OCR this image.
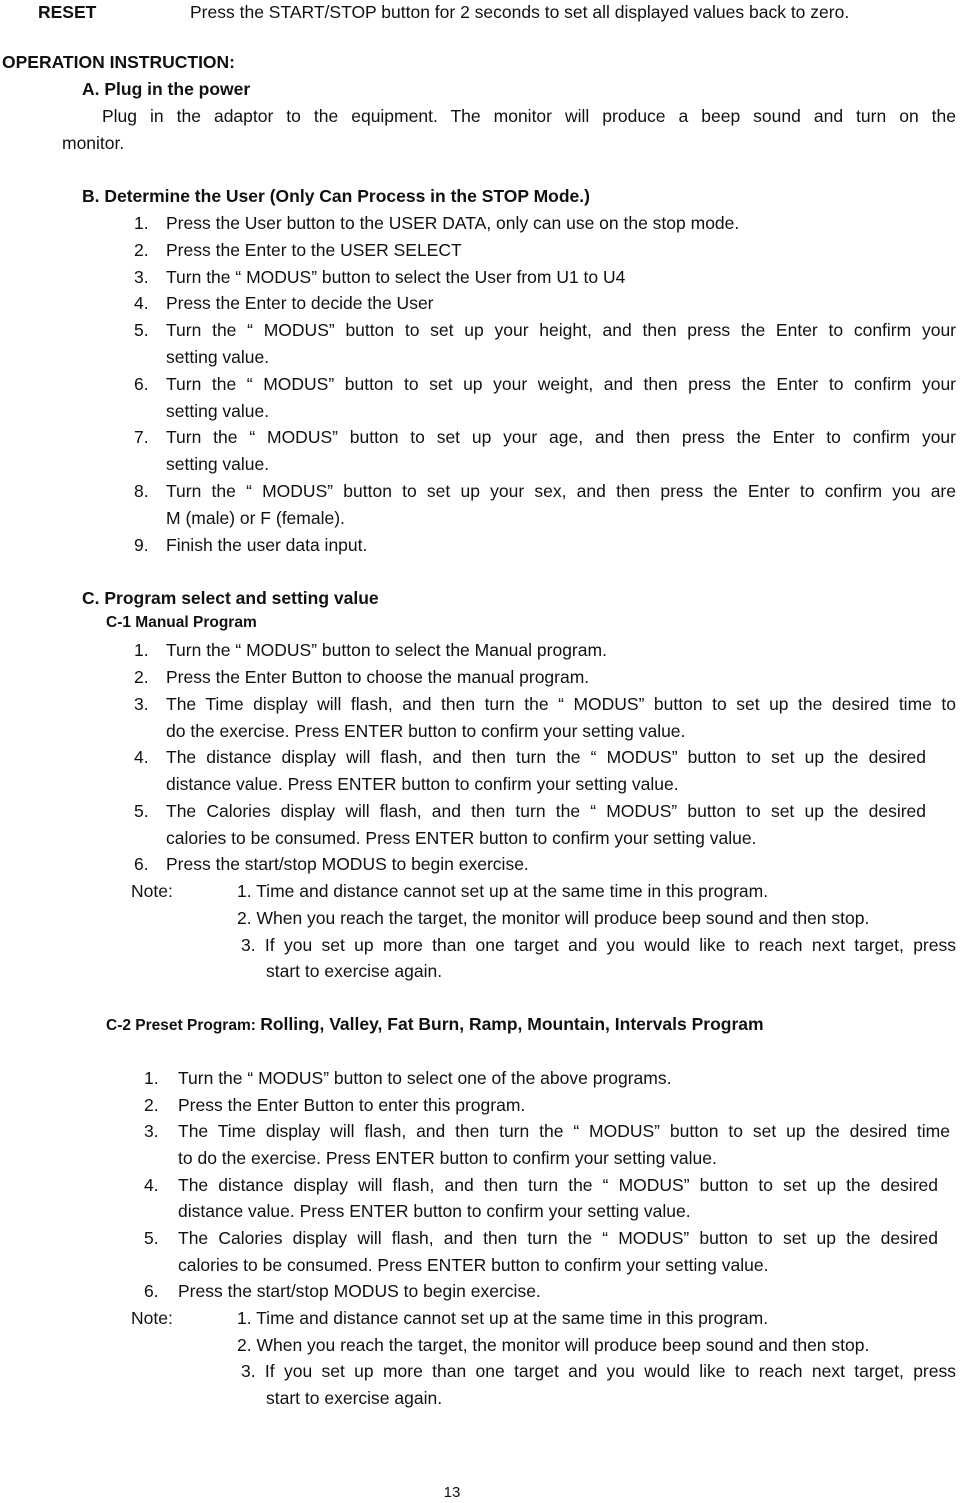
RESET	Press the START/STOP button for 2 seconds to set all displayed values back to zero.
OPERATION INSTRUCTION:
A. Plug in the power
Plug in the adaptor to the equipment. The monitor will produce a beep sound and turn on the
monitor.
B. Determine the User (Only Can Process in the STOP Mode.)
1. Press the User button to the USER DATA, only can use on the stop mode.
2. Press the Enter to the USER SELECT
3. Turn the “ MODUS” button to select the User from U1 to U4
4. Press the Enter to decide the User
5. Turn the “ MODUS” button to set up your height, and then press the Enter to confirm your
setting value.
6. Turn the “ MODUS” button to set up your weight, and then press the Enter to confirm your
setting value.
7. Turn the “ MODUS” button to set up your age, and then press the Enter to confirm your
setting value.
8. Turn the “ MODUS” button to set up your sex, and then press the Enter to confirm you are
M (male) or F (female).
9. Finish the user data input.
C. Program select and setting value
C-1 Manual Program
1. Turn the “ MODUS” button to select the Manual program.
2. Press the Enter Button to choose the manual program.
3. The Time display will flash, and then turn the “ MODUS” button to set up the desired time to
do the exercise. Press ENTER button to confirm your setting value.
4. The distance display will flash, and then turn the “ MODUS” button to set up the desired
distance value. Press ENTER button to confirm your setting value.
5. The Calories display will flash, and then turn the “ MODUS” button to set up the desired
calories to be consumed. Press ENTER button to confirm your setting value.
6. Press the start/stop MODUS to begin exercise.
Note:	1. Time and distance cannot set up at the same time in this program.
2. When you reach the target, the monitor will produce beep sound and then stop.
3. If you set up more than one target and you would like to reach next target, press
start to exercise again.
C-2 Preset Program: Rolling, Valley, Fat Burn, Ramp, Mountain, Intervals Program
1. Turn the “ MODUS” button to select one of the above programs.
2. Press the Enter Button to enter this program.
3. The Time display will flash, and then turn the “ MODUS” button to set up the desired time
to do the exercise. Press ENTER button to confirm your setting value.
4. The distance display will flash, and then turn the “ MODUS” button to set up the desired
distance value. Press ENTER button to confirm your setting value.
5. The Calories display will flash, and then turn the “ MODUS” button to set up the desired
calories to be consumed. Press ENTER button to confirm your setting value.
6. Press the start/stop MODUS to begin exercise.
Note:	1. Time and distance cannot set up at the same time in this program.
2. When you reach the target, the monitor will produce beep sound and then stop.
3. If you set up more than one target and you would like to reach next target, press
start to exercise again.
13
